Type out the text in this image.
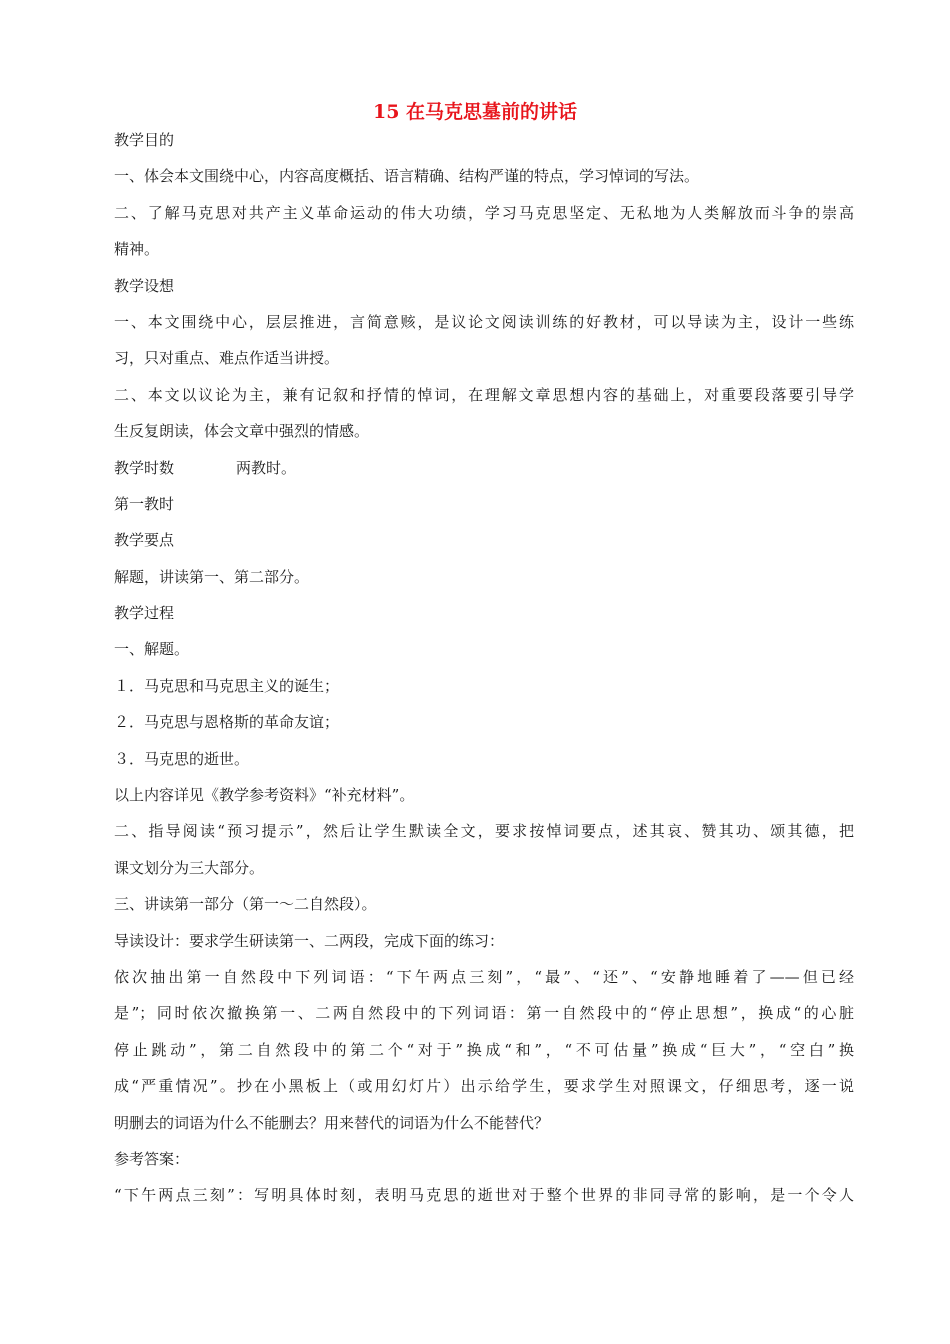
15 在马克思墓前的讲话
教学目的
一、体会本文围绕中心，内容高度概括、语言精确、结构严谨的特点，学习悼词的写法。
二、了解马克思对共产主义革命运动的伟大功绩，学习马克思坚定、无私地为人类解放而斗争的崇高
精神。
教学设想
一、本文围绕中心，层层推进，言简意赅，是议论文阅读训练的好教材，可以导读为主，设计一些练
习，只对重点、难点作适当讲授。
二、本文以议论为主，兼有记叙和抒情的悼词，在理解文章思想内容的基础上，对重要段落要引导学
生反复朗读，体会文章中强烈的情感。
教学时数	两教时。
第一教时
教学要点
解题，讲读第一、第二部分。
教学过程
一、解题。
１．马克思和马克思主义的诞生；
２．马克思与恩格斯的革命友谊；
３．马克思的逝世。
以上内容详见《教学参考资料》“补充材料”。
二、指导阅读“预习提示”，然后让学生默读全文，要求按悼词要点，述其哀、赞其功、颂其德，把
课文划分为三大部分。
三、讲读第一部分（第一～二自然段）。
导读设计：要求学生研读第一、二两段，完成下面的练习：
依次抽出第一自然段中下列词语：“下午两点三刻”，“最”、“还”、“安静地睡着了——但已经
是”；同时依次撤换第一、二两自然段中的下列词语：第一自然段中的“停止思想”，换成“的心脏
停止跳动”，第二自然段中的第二个“对于”换成“和”，“不可估量”换成“巨大”，“空白”换
成“严重情况”。抄在小黑板上（或用幻灯片）出示给学生，要求学生对照课文，仔细思考，逐一说
明删去的词语为什么不能删去？用来替代的词语为什么不能替代？
参考答案：
“下午两点三刻”：写明具体时刻，表明马克思的逝世对于整个世界的非同寻常的影响，是一个令人
